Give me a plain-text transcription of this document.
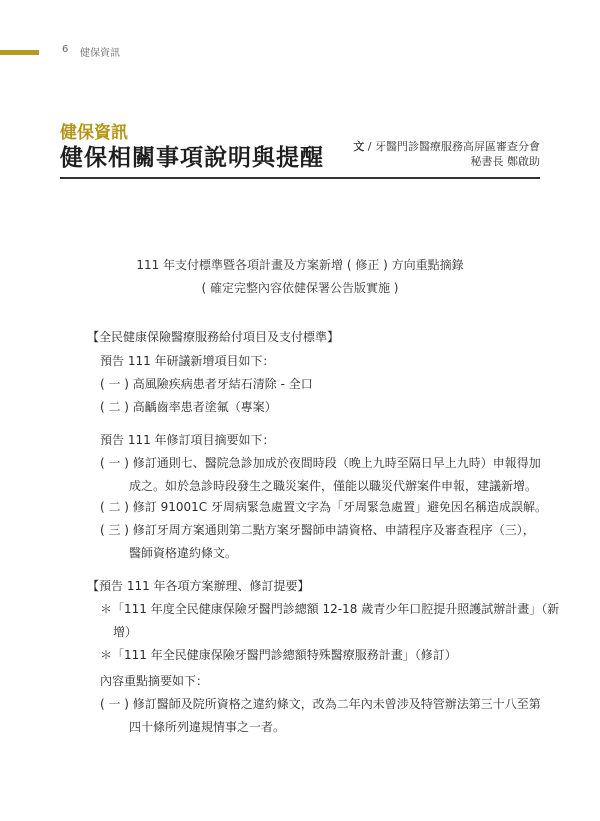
6 健保資訊
健保資訊
健保相關事項說明與提醒	文 / 牙醫門診醫療服務高屏區審查分會
秘書長 鄭啟助
111 年支付標準暨各項計畫及方案新增 ( 修正 ) 方向重點摘錄
( 確定完整內容依健保署公告版實施 )
【全民健康保險醫療服務給付項目及支付標準】
預告 111 年研議新增項目如下：
( 一 ) 高風險疾病患者牙結石清除 - 全口
( 二 ) 高齲齒率患者塗氟（專案）
預告 111 年修訂項目摘要如下：
( 一 ) 修訂通則七、醫院急診加成於夜間時段（晚上九時至隔日早上九時）申報得加
成之。如於急診時段發生之職災案件，僅能以職災代辦案件申報，建議新增。
( 二 ) 修訂 91001C 牙周病緊急處置文字為「牙周緊急處置」避免因名稱造成誤解。
( 三 ) 修訂牙周方案通則第二點方案牙醫師申請資格、申請程序及審查程序（三），
醫師資格違約條文。
【預告 111 年各項方案辦理、修訂提要】
＊「111 年度全民健康保險牙醫門診總額 12-18 歲青少年口腔提升照護試辦計畫」（新
增）
＊「111 年全民健康保險牙醫門診總額特殊醫療服務計畫」（修訂）
內容重點摘要如下：
( 一 ) 修訂醫師及院所資格之違約條文，改為二年內未曾涉及特管辦法第三十八至第
四十條所列違規情事之一者。
